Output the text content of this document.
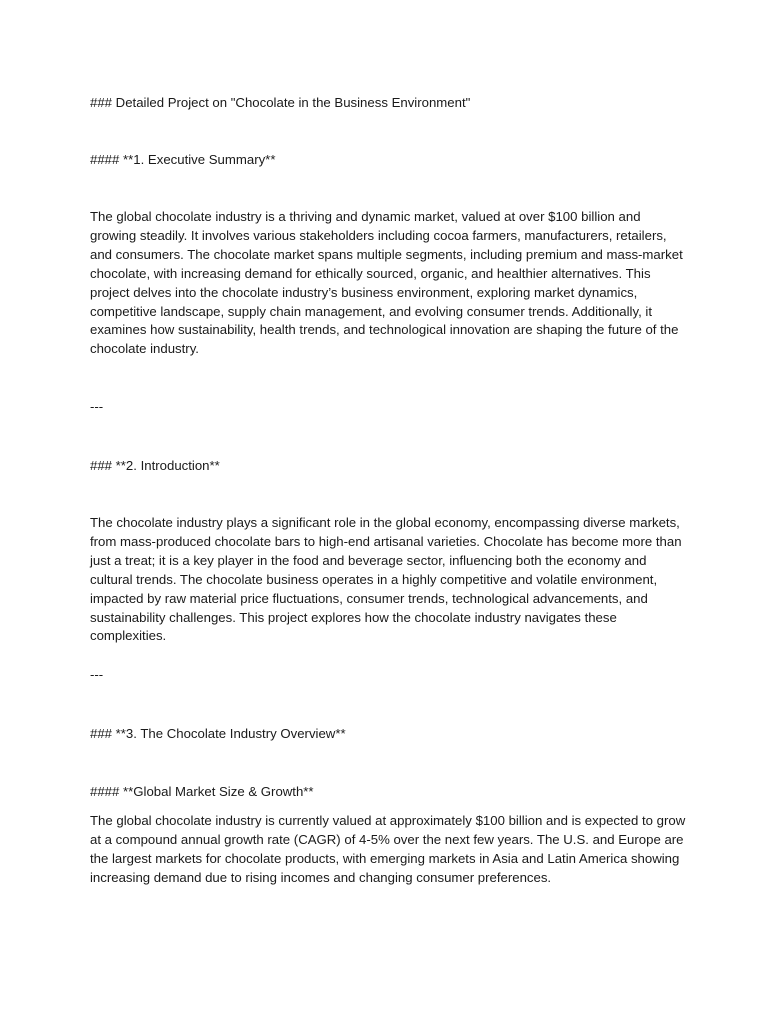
### Detailed Project on "Chocolate in the Business Environment"
#### **1. Executive Summary**
The global chocolate industry is a thriving and dynamic market, valued at over $100 billion and growing steadily. It involves various stakeholders including cocoa farmers, manufacturers, retailers, and consumers. The chocolate market spans multiple segments, including premium and mass-market chocolate, with increasing demand for ethically sourced, organic, and healthier alternatives. This project delves into the chocolate industry’s business environment, exploring market dynamics, competitive landscape, supply chain management, and evolving consumer trends. Additionally, it examines how sustainability, health trends, and technological innovation are shaping the future of the chocolate industry.
---
### **2. Introduction**
The chocolate industry plays a significant role in the global economy, encompassing diverse markets, from mass-produced chocolate bars to high-end artisanal varieties. Chocolate has become more than just a treat; it is a key player in the food and beverage sector, influencing both the economy and cultural trends. The chocolate business operates in a highly competitive and volatile environment, impacted by raw material price fluctuations, consumer trends, technological advancements, and sustainability challenges. This project explores how the chocolate industry navigates these complexities.
---
### **3. The Chocolate Industry Overview**
#### **Global Market Size & Growth**
The global chocolate industry is currently valued at approximately $100 billion and is expected to grow at a compound annual growth rate (CAGR) of 4-5% over the next few years. The U.S. and Europe are the largest markets for chocolate products, with emerging markets in Asia and Latin America showing increasing demand due to rising incomes and changing consumer preferences.
